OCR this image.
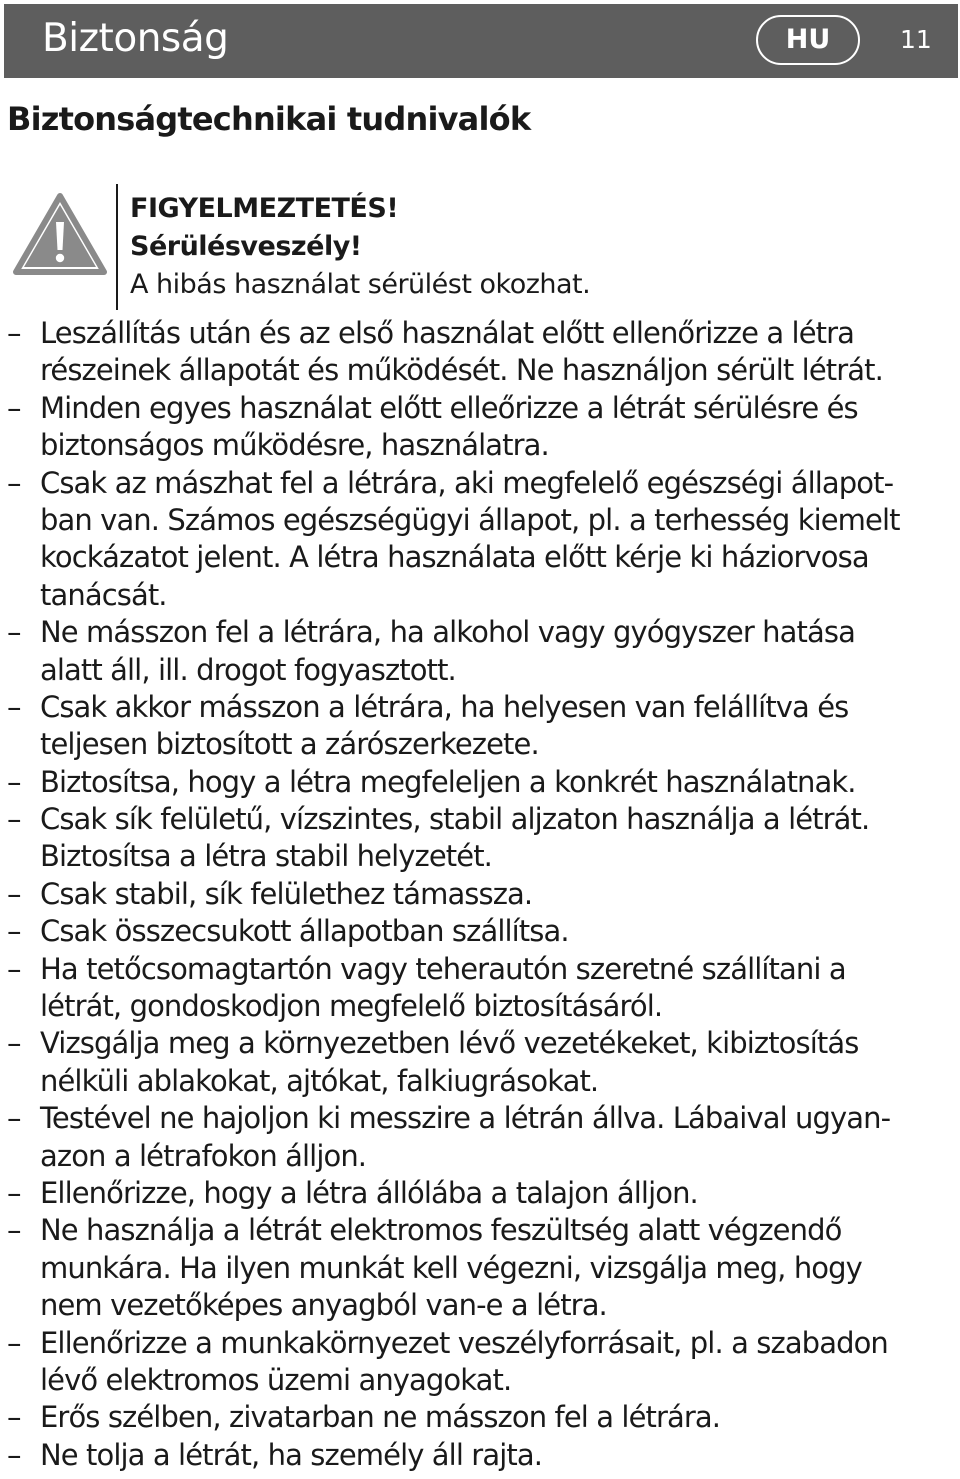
Biztonság	HU	11
Biztonságtechnikai tudnivalók
FIGYELMEZTETÉS!
Sérülésveszély!
A hibás használat sérülést okozhat.
– Leszállítás után és az első használat előtt ellenőrizze a létra
részeinek állapotát és működését. Ne használjon sérült létrát.
– Minden egyes használat előtt elleőrizze a létrát sérülésre és
biztonságos működésre, használatra.
– Csak az mászhat fel a létrára, aki megfelelő egészségi állapot-
ban van. Számos egészségügyi állapot, pl. a terhesség kiemelt
kockázatot jelent. A létra használata előtt kérje ki háziorvosa
tanácsát.
– Ne másszon fel a létrára, ha alkohol vagy gyógyszer hatása
alatt áll, ill. drogot fogyasztott.
– Csak akkor másszon a létrára, ha helyesen van felállítva és
teljesen biztosított a zárószerkezete.
– Biztosítsa, hogy a létra megfeleljen a konkrét használatnak.
– Csak sík felületű, vízszintes, stabil aljzaton használja a létrát.
Biztosítsa a létra stabil helyzetét.
– Csak stabil, sík felülethez támassza.
– Csak összecsukott állapotban szállítsa.
– Ha tetőcsomagtartón vagy teherautón szeretné szállítani a
létrát, gondoskodjon megfelelő biztosításáról.
– Vizsgálja meg a környezetben lévő vezetékeket, kibiztosítás
nélküli ablakokat, ajtókat, falkiugrásokat.
– Testével ne hajoljon ki messzire a létrán állva. Lábaival ugyan-
azon a létrafokon álljon.
– Ellenőrizze, hogy a létra állólába a talajon álljon.
– Ne használja a létrát elektromos feszültség alatt végzendő
munkára. Ha ilyen munkát kell végezni, vizsgálja meg, hogy
nem vezetőképes anyagból van-e a létra.
– Ellenőrizze a munkakörnyezet veszélyforrásait, pl. a szabadon
lévő elektromos üzemi anyagokat.
– Erős szélben, zivatarban ne másszon fel a létrára.
– Ne tolja a létrát, ha személy áll rajta.
